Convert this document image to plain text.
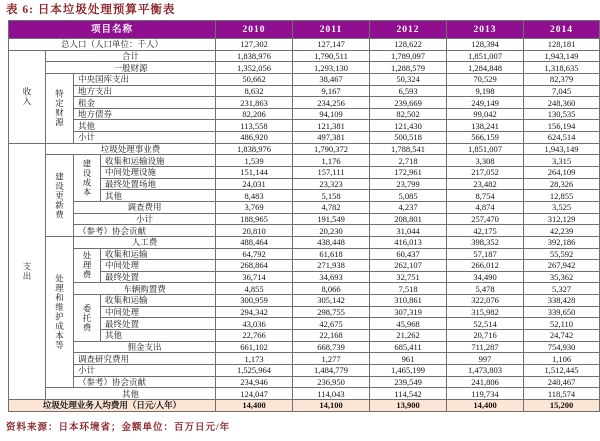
表 6: 日本垃圾处理预算平衡表
项目名称				2010	2011	2012	2013	2014
总人口（人口单位：千人）				127,302	127,147	128,622	128,394	128,181
收入	合计			1,838,976	1,790,511	1,789,097	1,851,007	1,943,149
	一般财源			1,352,056	1,293,130	1,288,579	1,284,848	1,318,635
	特定财源	中央国库支出		50,662	38,467	50,324	70,529	82,379
		地方支出		8,632	9,167	6,593	9,198	7,045
		租金		231,863	234,256	239,669	249,149	248,360
		地方债券		82,206	94,109	82,502	99,042	130,535
		其他		113,558	121,381	121,430	138,241	156,194
		小计		486,920	497,381	500,518	566,159	624,514
支出	垃圾处理事业费			1,838,976	1,790,372	1,788,541	1,851,007	1,943,149
	建设更新费	建设成本	收集和运输设施	1,539	1,176	2,718	3,308	3,315
			中间处理设施	151,144	157,111	172,961	217,052	264,109
			最终处置场地	24,031	23,323	23,799	23,482	28,326
			其他	8,483	5,158	5,085	8,754	12,855
		调查费用		3,769	4,782	4,237	4,874	3,525
		小计		188,965	191,549	208,801	257,470	312,129
		（参考）协会贡献		20,810	20,230	31,044	42,175	42,239
	处理和维护成本等	人工费		488,464	438,448	416,013	398,352	392,186
		处理费	收集和运输	64,792	61,618	60,437	57,187	55,592
			中间处理	268,864	271,938	262,107	266,012	267,942
			最终处置	36,714	34,693	32,751	34,490	35,362
		车辆购置费		4,855	8,066	7,518	5,478	5,327
		委托费	收集和运输	300,959	305,142	310,861	322,076	338,428
			中间处理	294,342	298,755	307,319	315,982	339,650
			最终处置	43,036	42,675	45,968	52,514	52,110
			其他	22,766	22,168	21,262	20,716	24,742
		佣金支出		661,102	668,739	685,411	711,287	754,930
		调查研究费用		1,173	1,277	961	997	1,106
		小计		1,525,964	1,484,779	1,465,199	1,473,803	1,512,445
		（参考）协会贡献		234,946	236,950	239,549	241,806	240,467
	其他			124,047	114,043	114,542	119,734	118,574
垃圾处理业务人均费用（日元/人年）				14,400	14,100	13,900	14,400	15,200
资料来源：日本环境省；金额单位：百万日元/年
